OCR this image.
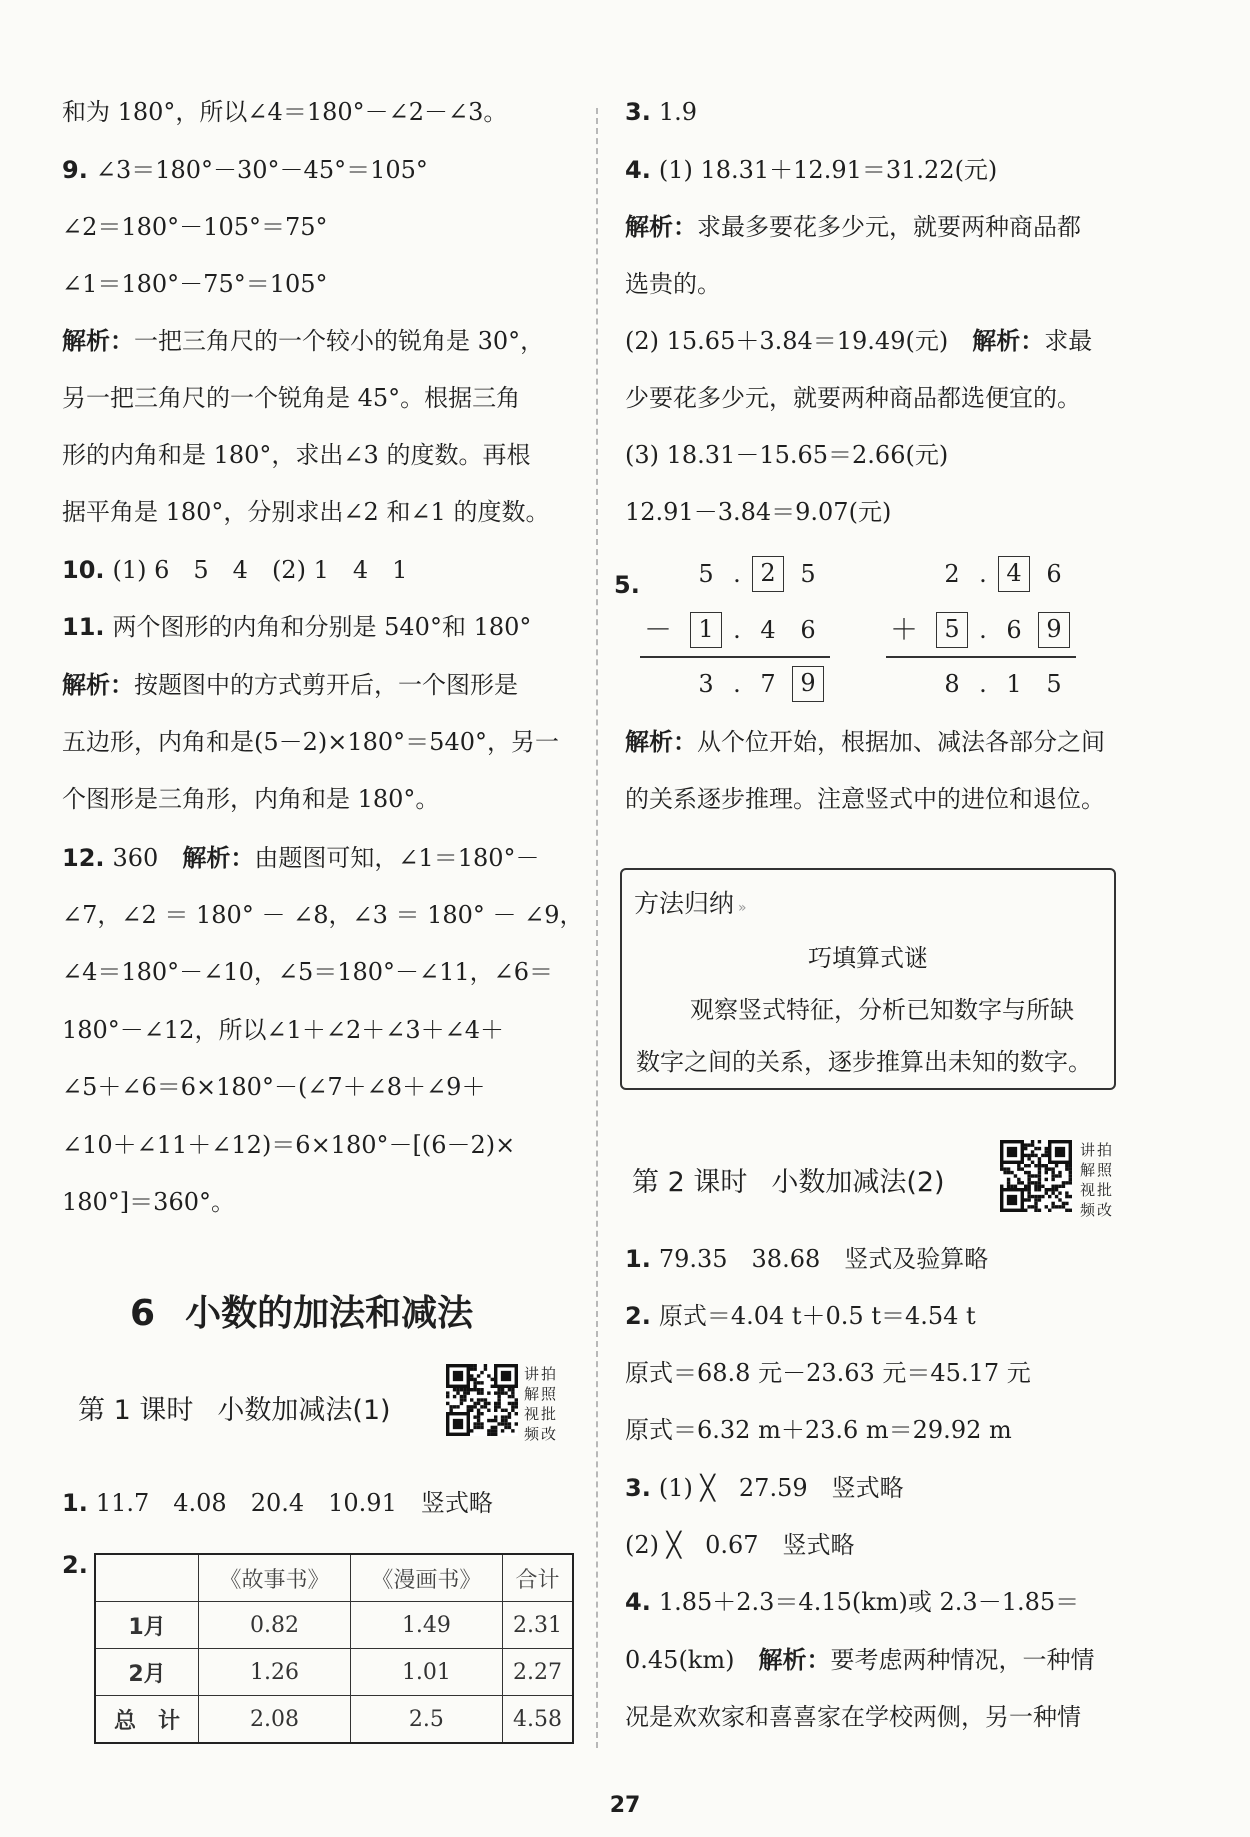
和为 180°，所以∠4＝180°－∠2－∠3。
9. ∠3＝180°－30°－45°＝105°
∠2＝180°－105°＝75°
∠1＝180°－75°＝105°
解析：一把三角尺的一个较小的锐角是 30°，
另一把三角尺的一个锐角是 45°。根据三角
形的内角和是 180°，求出∠3 的度数。再根
据平角是 180°，分别求出∠2 和∠1 的度数。
10. (1) 6　5　4　(2) 1　4　1
11. 两个图形的内角和分别是 540°和 180°
解析：按题图中的方式剪开后，一个图形是
五边形，内角和是(5－2)×180°＝540°，另一
个图形是三角形，内角和是 180°。
12. 360　解析：由题图可知，∠1＝180°－
∠7，∠2 ＝ 180° － ∠8，∠3 ＝ 180° － ∠9，
∠4＝180°－∠10，∠5＝180°－∠11，∠6＝
180°－∠12，所以∠1＋∠2＋∠3＋∠4＋
∠5＋∠6＝6×180°－(∠7＋∠8＋∠9＋
∠10＋∠11＋∠12)＝6×180°－[(6－2)×
180°]＝360°。
1. 11.7　4.08　20.4　10.91　竖式略
3. 1.9
4. (1) 18.31＋12.91＝31.22(元)
解析：求最多要花多少元，就要两种商品都
选贵的。
(2) 15.65＋3.84＝19.49(元)　解析：求最
少要花多少元，就要两种商品都选便宜的。
(3) 18.31－15.65＝2.66(元)
12.91－3.84＝9.07(元)
解析：从个位开始，根据加、减法各部分之间
的关系逐步推理。注意竖式中的进位和退位。
1. 79.35　38.68　竖式及验算略
2. 原式＝4.04 t＋0.5 t＝4.54 t
原式＝68.8 元－23.63 元＝45.17 元
原式＝6.32 m＋23.6 m＝29.92 m
3. (1) ╳　27.59　竖式略
(2) ╳　0.67　竖式略
4. 1.85＋2.3＝4.15(km)或 2.3－1.85＝
0.45(km)　解析：要考虑两种情况，一种情
况是欢欢家和喜喜家在学校两侧，另一种情
6 小数的加法和减法
第 1 课时 小数加减法(1)
讲拍解照视批频改
第 2 课时 小数加减法(2)
讲拍解照视批频改
5.	5 . 2	5
1 . 4	6
3 . 7	9
－
2 . 4	6
5 . 6	9
8 . 1	5
＋
方法归纳 »
巧填算式谜
观察竖式特征，分析已知数字与所缺
数字之间的关系，逐步推算出未知的数字。
2.
	《故事书》	《漫画书》	合计
1月	0.82	1.49	2.31
2月	1.26	1.01	2.27
总　计	2.08	2.5	4.58
27
